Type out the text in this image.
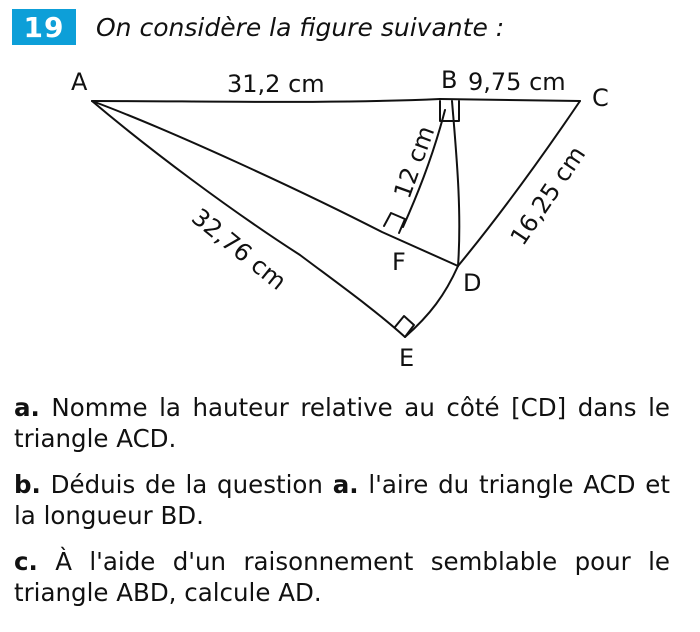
19	On considère la figure suivante :
A	B
C
D
E
F
31,2 cm	9,75 cm
12 cm	16,25 cm
32,76 cm

a. Nomme la hauteur relative au côté [CD] dans le triangle ACD.

b. Déduis de la question a. l'aire du triangle ACD et la longueur BD.

c. À l'aide d'un raisonnement semblable pour le triangle ABD, calcule AD.
